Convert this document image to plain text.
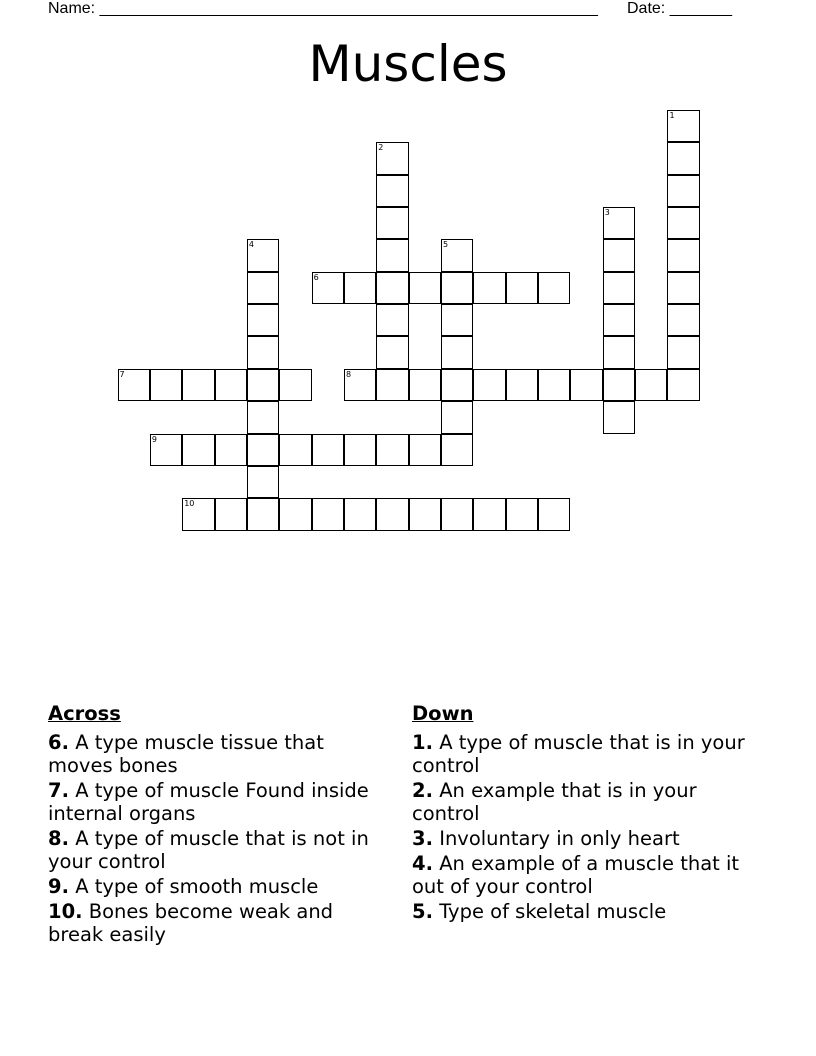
Name: ________________________________________________________ Date: _______
Muscles
1
2
3
4	5
6
7	8
9
10
Across
6. A type muscle tissue that moves bones
7. A type of muscle Found inside internal organs
8. A type of muscle that is not in your control
9. A type of smooth muscle
10. Bones become weak and break easily
Down
1. A type of muscle that is in your control
2. An example that is in your control
3. Involuntary in only heart
4. An example of a muscle that it out of your control
5. Type of skeletal muscle
